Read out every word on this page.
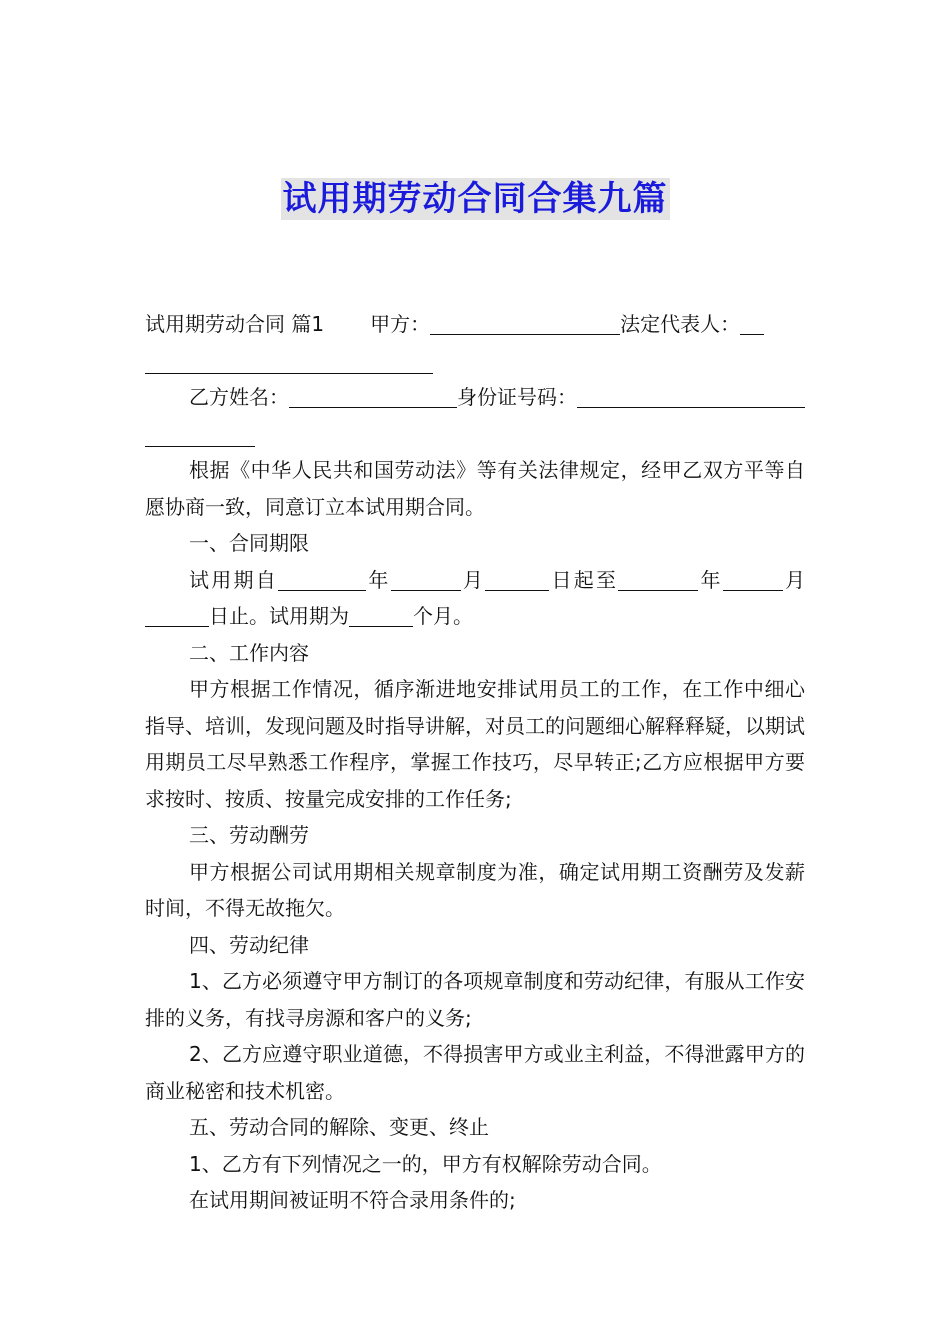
试用期劳动合同合集九篇

试用期劳动合同 篇1 甲方：	法定代表人：

乙方姓名：	身份证号码：

根据《中华人民共和国劳动法》等有关法律规定，经甲乙双方平等自愿协商一致，同意订立本试用期合同。

一、合同期限

试用期自	年	月	日起至	年	月日止。试用期为	个月。

二、工作内容

甲方根据工作情况，循序渐进地安排试用员工的工作，在工作中细心指导、培训，发现问题及时指导讲解，对员工的问题细心解释释疑，以期试用期员工尽早熟悉工作程序，掌握工作技巧，尽早转正;乙方应根据甲方要求按时、按质、按量完成安排的工作任务;

三、劳动酬劳

甲方根据公司试用期相关规章制度为准，确定试用期工资酬劳及发薪时间，不得无故拖欠。

四、劳动纪律

1、乙方必须遵守甲方制订的各项规章制度和劳动纪律，有服从工作安排的义务，有找寻房源和客户的义务;

2、乙方应遵守职业道德，不得损害甲方或业主利益，不得泄露甲方的商业秘密和技术机密。

五、劳动合同的解除、变更、终止

1、乙方有下列情况之一的，甲方有权解除劳动合同。

在试用期间被证明不符合录用条件的;
